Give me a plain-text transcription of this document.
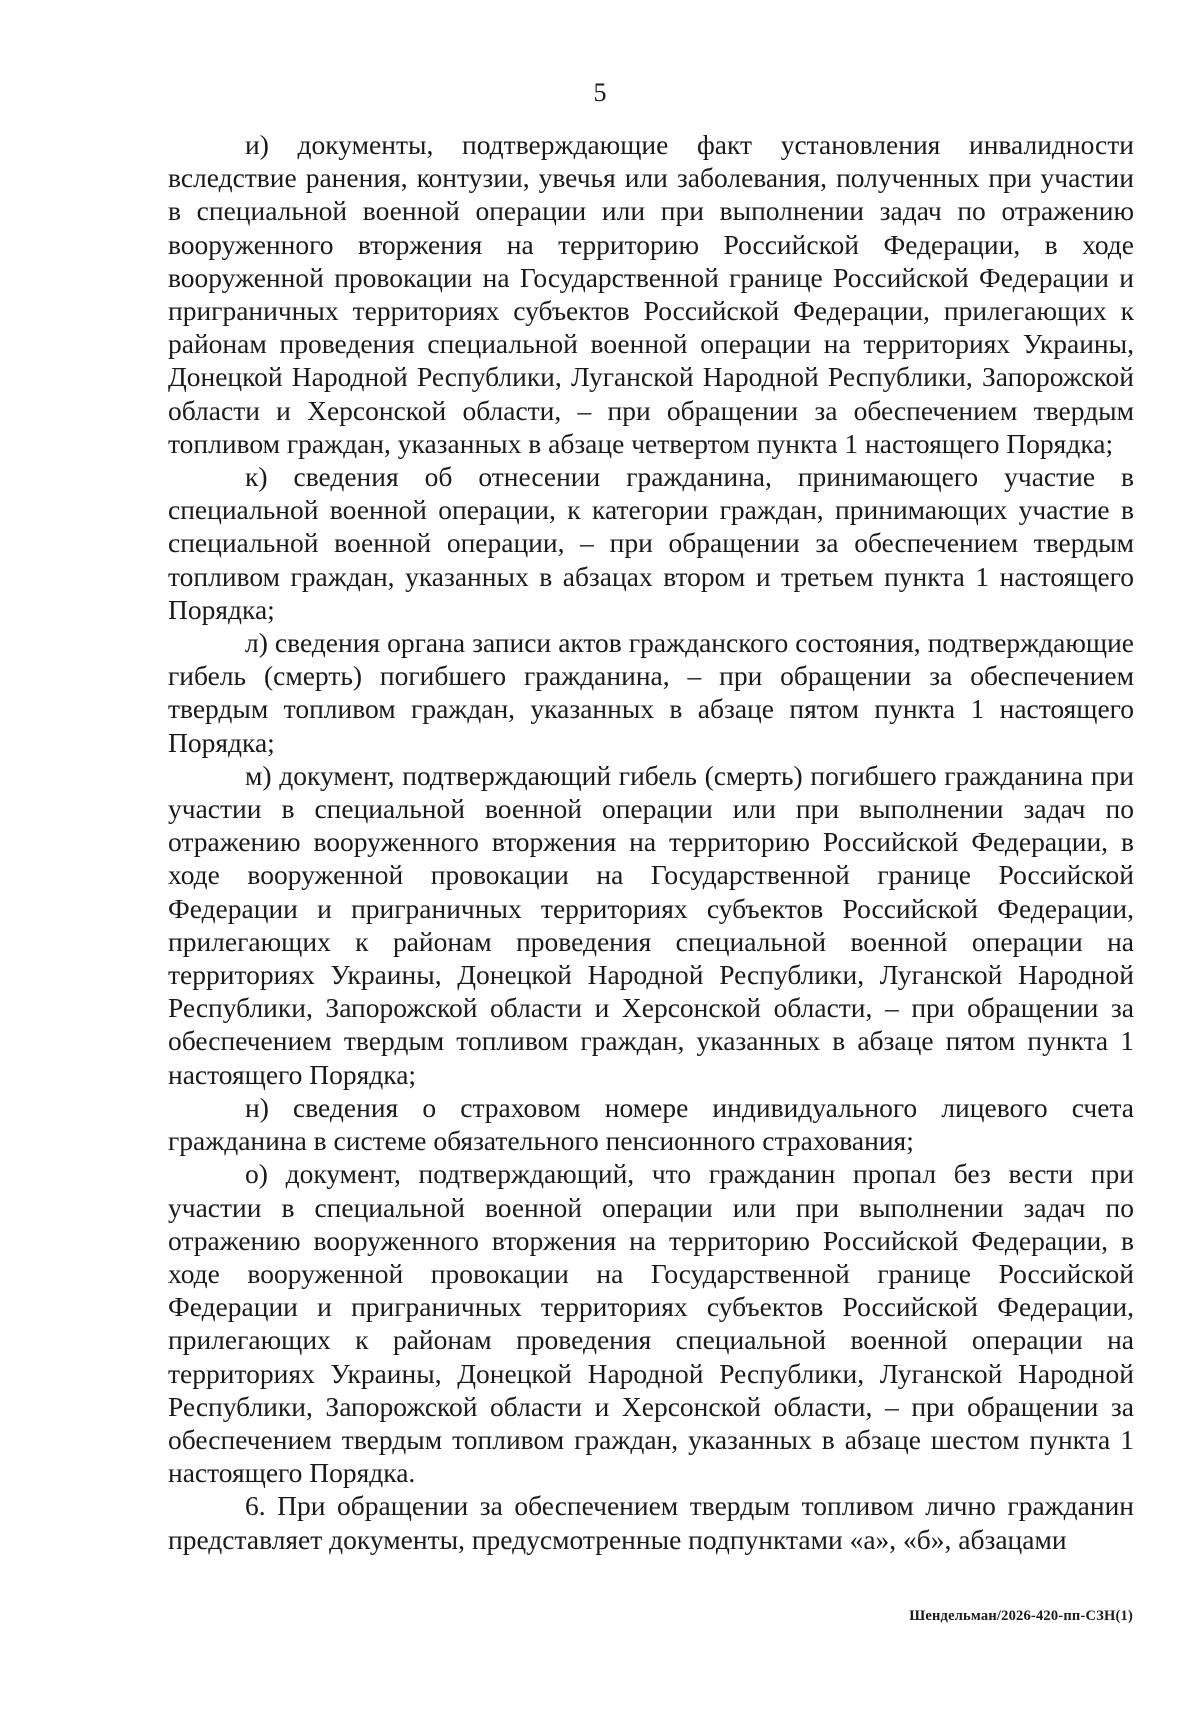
5

и) документы, подтверждающие факт установления инвалидности вследствие ранения, контузии, увечья или заболевания, полученных при участии в специальной военной операции или при выполнении задач по отражению вооруженного вторжения на территорию Российской Федерации, в ходе вооруженной провокации на Государственной границе Российской Федерации и приграничных территориях субъектов Российской Федерации, прилегающих к районам проведения специальной военной операции на территориях Украины, Донецкой Народной Республики, Луганской Народной Республики, Запорожской области и Херсонской области, – при обращении за обеспечением твердым топливом граждан, указанных в абзаце четвертом пункта 1 настоящего Порядка;

к) сведения об отнесении гражданина, принимающего участие в специальной военной операции, к категории граждан, принимающих участие в специальной военной операции, – при обращении за обеспечением твердым топливом граждан, указанных в абзацах втором и третьем пункта 1 настоящего Порядка;

л) сведения органа записи актов гражданского состояния, подтверждающие гибель (смерть) погибшего гражданина, – при обращении за обеспечением твердым топливом граждан, указанных в абзаце пятом пункта 1 настоящего Порядка;

м) документ, подтверждающий гибель (смерть) погибшего гражданина при участии в специальной военной операции или при выполнении задач по отражению вооруженного вторжения на территорию Российской Федерации, в ходе вооруженной провокации на Государственной границе Российской Федерации и приграничных территориях субъектов Российской Федерации, прилегающих к районам проведения специальной военной операции на территориях Украины, Донецкой Народной Республики, Луганской Народной Республики, Запорожской области и Херсонской области, – при обращении за обеспечением твердым топливом граждан, указанных в абзаце пятом пункта 1 настоящего Порядка;

н) сведения о страховом номере индивидуального лицевого счета гражданина в системе обязательного пенсионного страхования;

о) документ, подтверждающий, что гражданин пропал без вести при участии в специальной военной операции или при выполнении задач по отражению вооруженного вторжения на территорию Российской Федерации, в ходе вооруженной провокации на Государственной границе Российской Федерации и приграничных территориях субъектов Российской Федерации, прилегающих к районам проведения специальной военной операции на территориях Украины, Донецкой Народной Республики, Луганской Народной Республики, Запорожской области и Херсонской области, – при обращении за обеспечением твердым топливом граждан, указанных в абзаце шестом пункта 1 настоящего Порядка.

6. При обращении за обеспечением твердым топливом лично гражданин представляет документы, предусмотренные подпунктами «а», «б», абзацами

Шендельман/2026-420-пп-СЗН(1)
